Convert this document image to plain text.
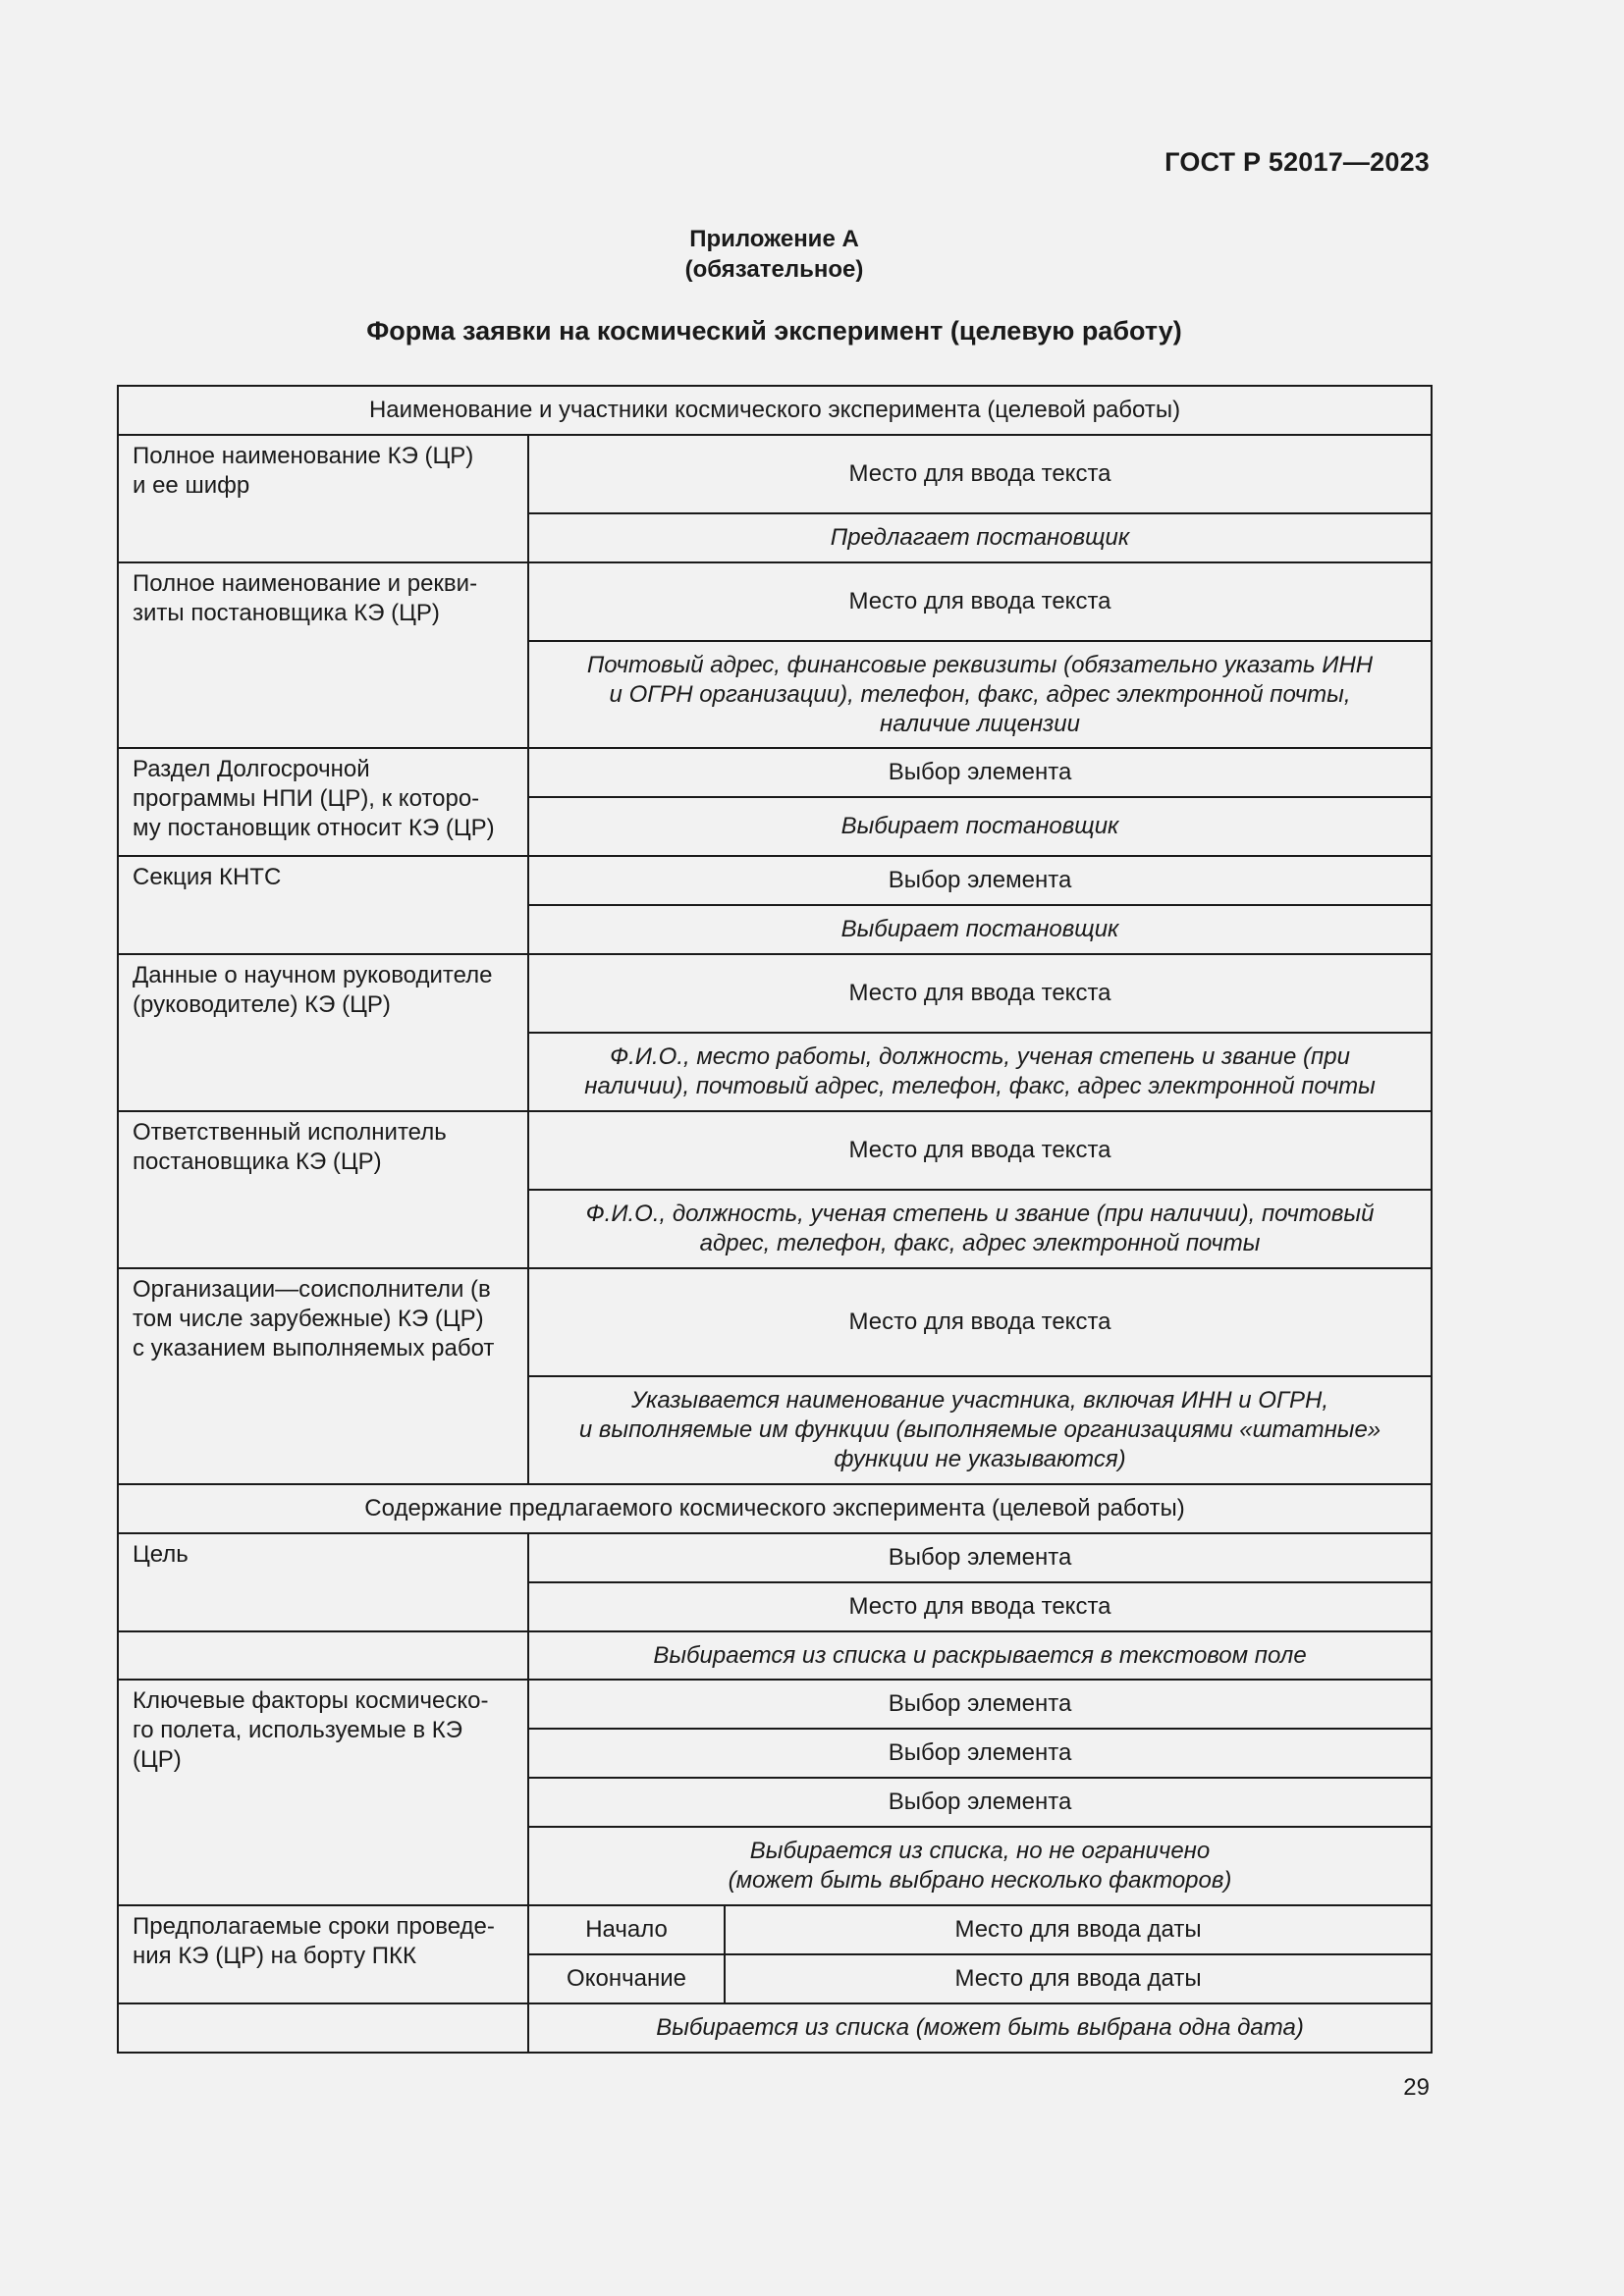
ГОСТ Р 52017—2023
Приложение А
(обязательное)
Форма заявки на космический эксперимент (целевую работу)
Наименование и участники космического эксперимента (целевой работы)		
Полное наименование КЭ (ЦР)
и ее шифр	Место для ввода текста	
	Предлагает постановщик	
Полное наименование и рекви-
зиты постановщика КЭ (ЦР)	Место для ввода текста	
	Почтовый адрес, финансовые реквизиты (обязательно указать ИНН
и ОГРН организации), телефон, факс, адрес электронной почты,
наличие лицензии	
Раздел Долгосрочной
программы НПИ (ЦР), к которо-
му постановщик относит КЭ (ЦР)	Выбор элемента	
	Выбирает постановщик	
Секция КНТС	Выбор элемента	
	Выбирает постановщик	
Данные о научном руководителе
(руководителе) КЭ (ЦР)	Место для ввода текста	
	Ф.И.О., место работы, должность, ученая степень и звание (при
наличии), почтовый адрес, телефон, факс, адрес электронной почты	
Ответственный исполнитель
постановщика КЭ (ЦР)	Место для ввода текста	
	Ф.И.О., должность, ученая степень и звание (при наличии), почтовый
адрес, телефон, факс, адрес электронной почты	
Организации—соисполнители (в
том числе зарубежные) КЭ (ЦР)
с указанием выполняемых работ	Место для ввода текста	
	Указывается наименование участника, включая ИНН и ОГРН,
и выполняемые им функции (выполняемые организациями «штатные»
функции не указываются)	
Содержание предлагаемого космического эксперимента (целевой работы)		
Цель	Выбор элемента	
	Место для ввода текста	
	Выбирается из списка и раскрывается в текстовом поле	
Ключевые факторы космическо-
го полета, используемые в КЭ
(ЦР)	Выбор элемента	
	Выбор элемента	
	Выбор элемента	
	Выбирается из списка, но не ограничено
(может быть выбрано несколько факторов)	
Предполагаемые сроки проведе-
ния КЭ (ЦР) на борту ПКК	Начало	Место для ввода даты
	Окончание	Место для ввода даты
	Выбирается из списка (может быть выбрана одна дата)	
29
